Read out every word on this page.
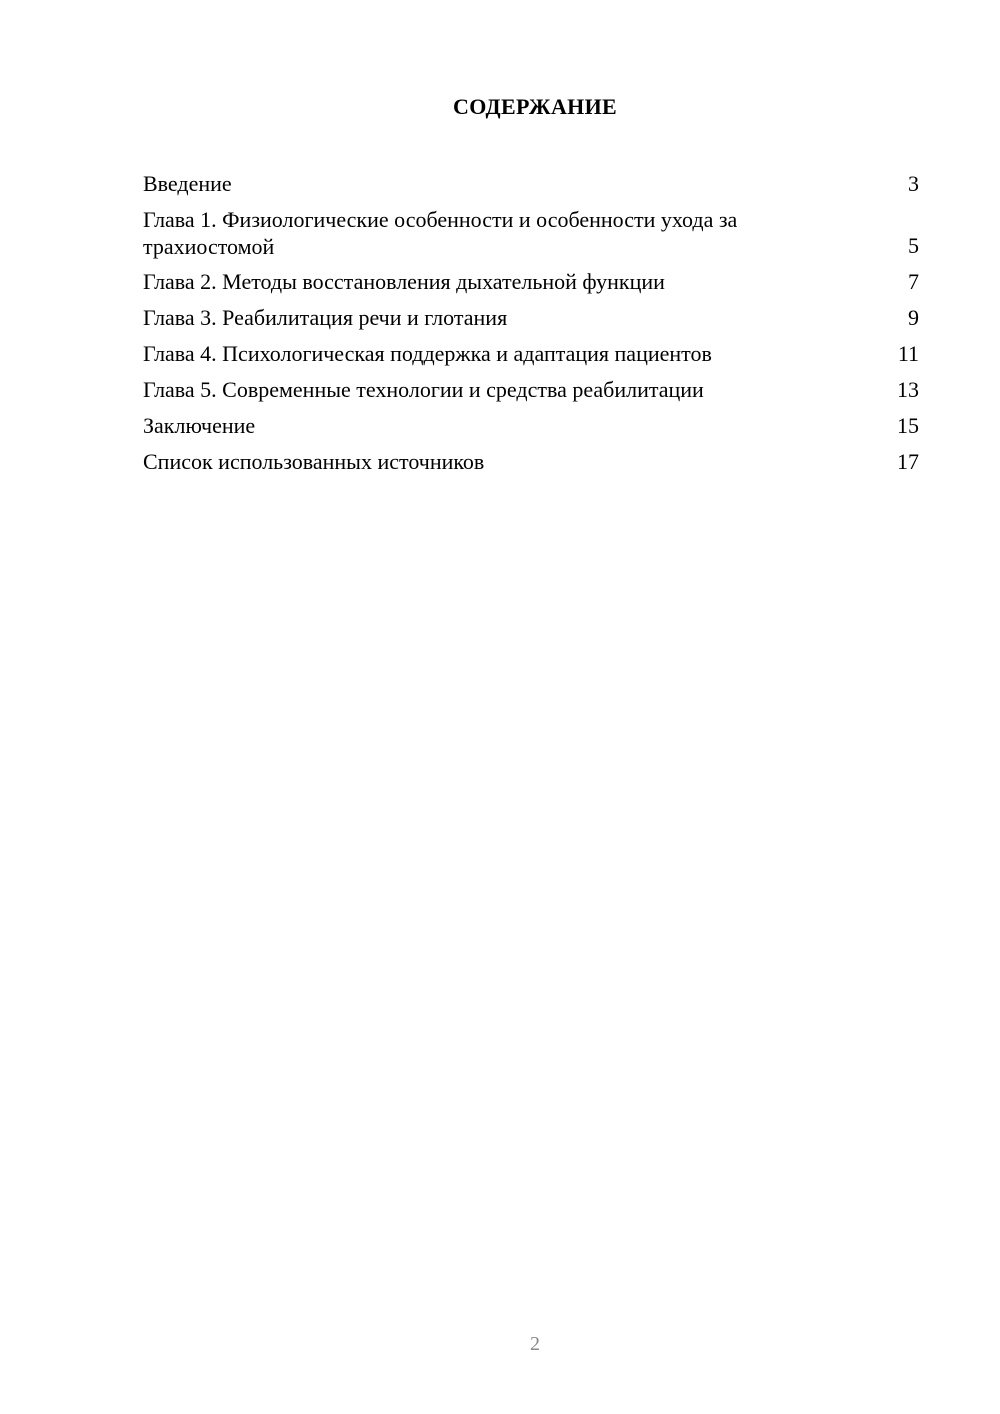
СОДЕРЖАНИЕ
Введение	3
Глава 1. Физиологические особенности и особенности ухода за трахиостомой	5
Глава 2. Методы восстановления дыхательной функции	7
Глава 3. Реабилитация речи и глотания	9
Глава 4. Психологическая поддержка и адаптация пациентов	11
Глава 5. Современные технологии и средства реабилитации	13
Заключение	15
Список использованных источников	17
2
